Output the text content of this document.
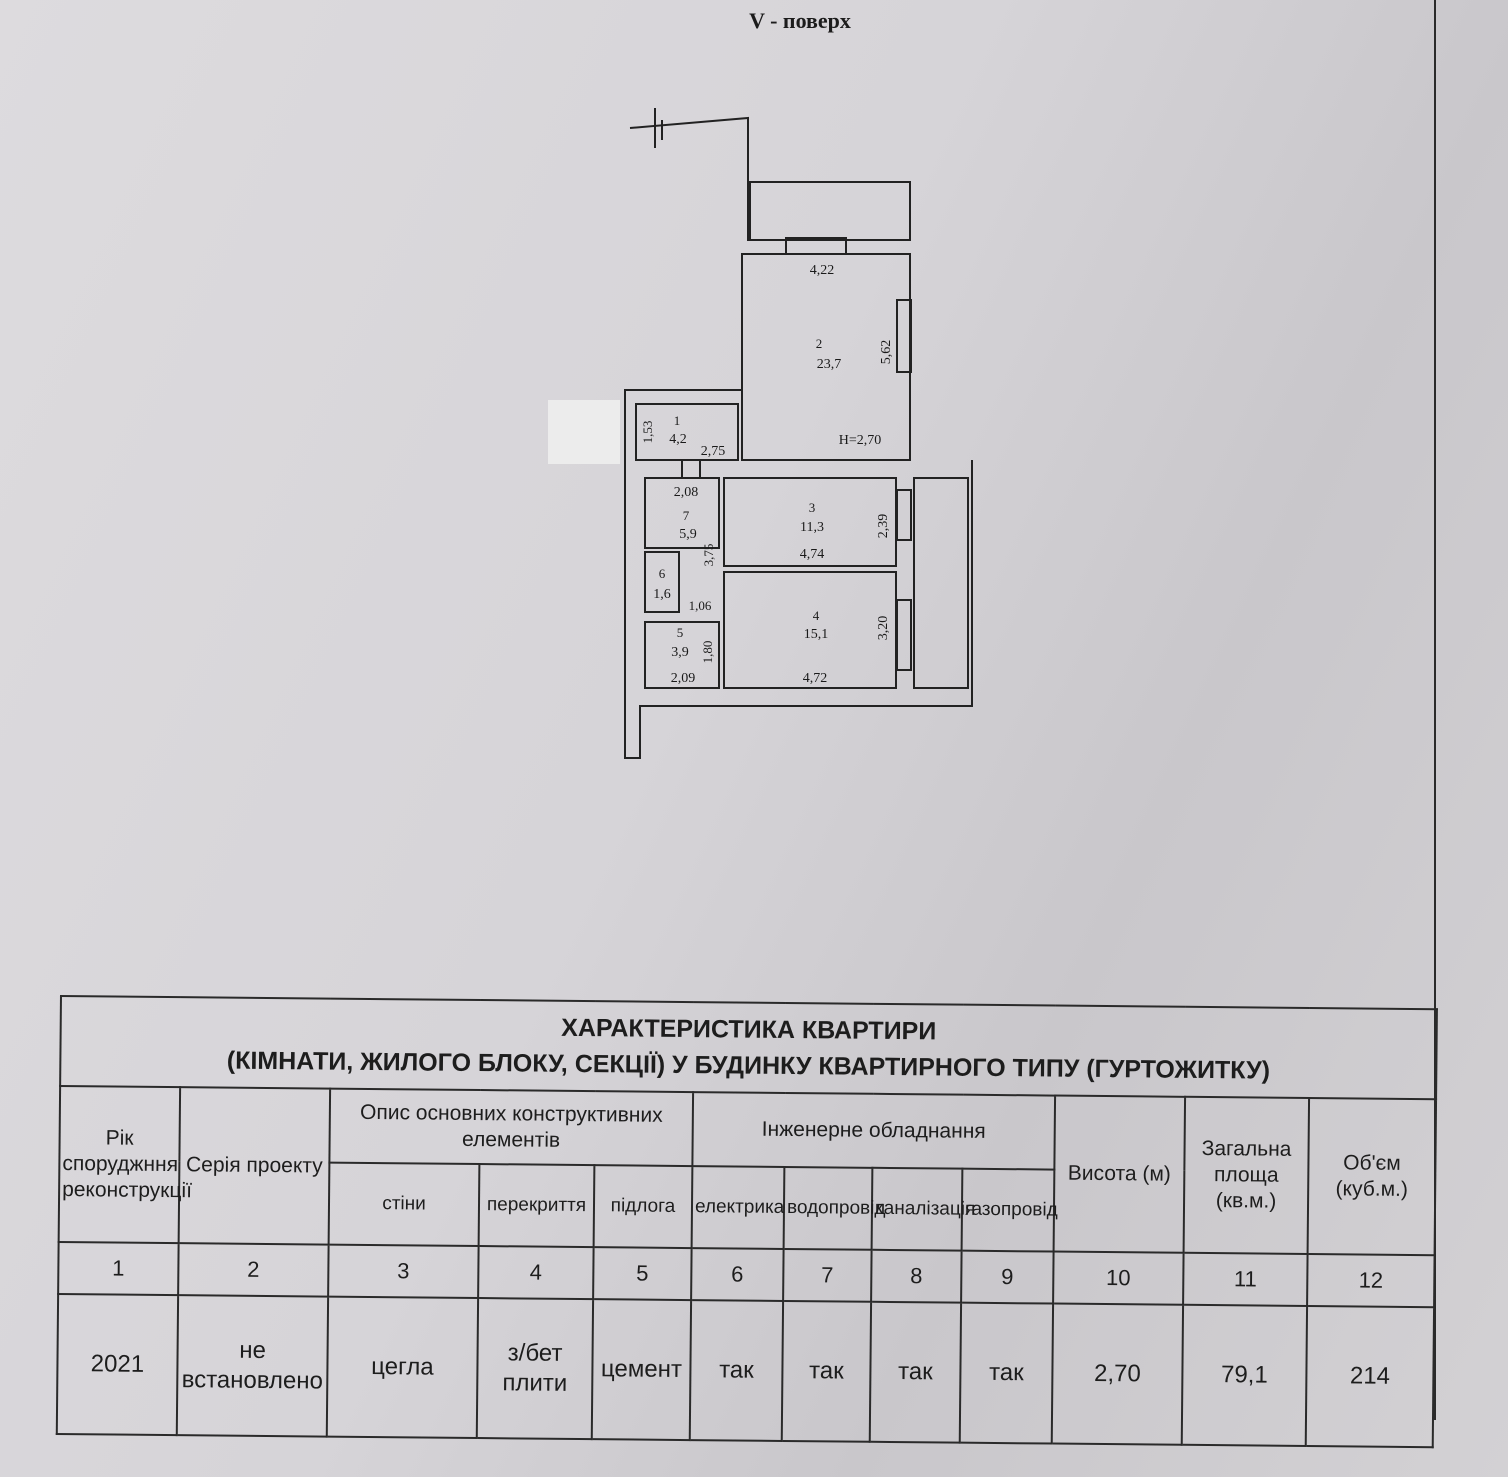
V - поверх
2
23,7
1
4,2
3
11,3
4
15,1
5
3,9
6
1,6
7
5,9
4,22
5,62
Н=2,70
1,53
2,75
2,08
3,75
2,39
4,74
1,06
3,20
1,80
2,09	4,72
ХАРАКТЕРИСТИКА КВАРТИРИ
(КІМНАТИ, ЖИЛОГО БЛОКУ, СЕКЦІЇ) У БУДИНКУ КВАРТИРНОГО ТИПУ (ГУРТОЖИТКУ)											

Рік споруджння реконструкції	Серія проекту	Опис основних конструктивних елементів			Інженерне обладнання				Висота (м)	Загальна площа (кв.м.)	Об'єм (куб.м.)
		стіни	перекриття	підлога	електрика	водопровід	каналізація	газопровід			
1	2	3	4	5	6	7	8	9	10	11	12
2021	не встановлено	цегла	з/бет плити	цемент	так	так	так	так	2,70	79,1	214
